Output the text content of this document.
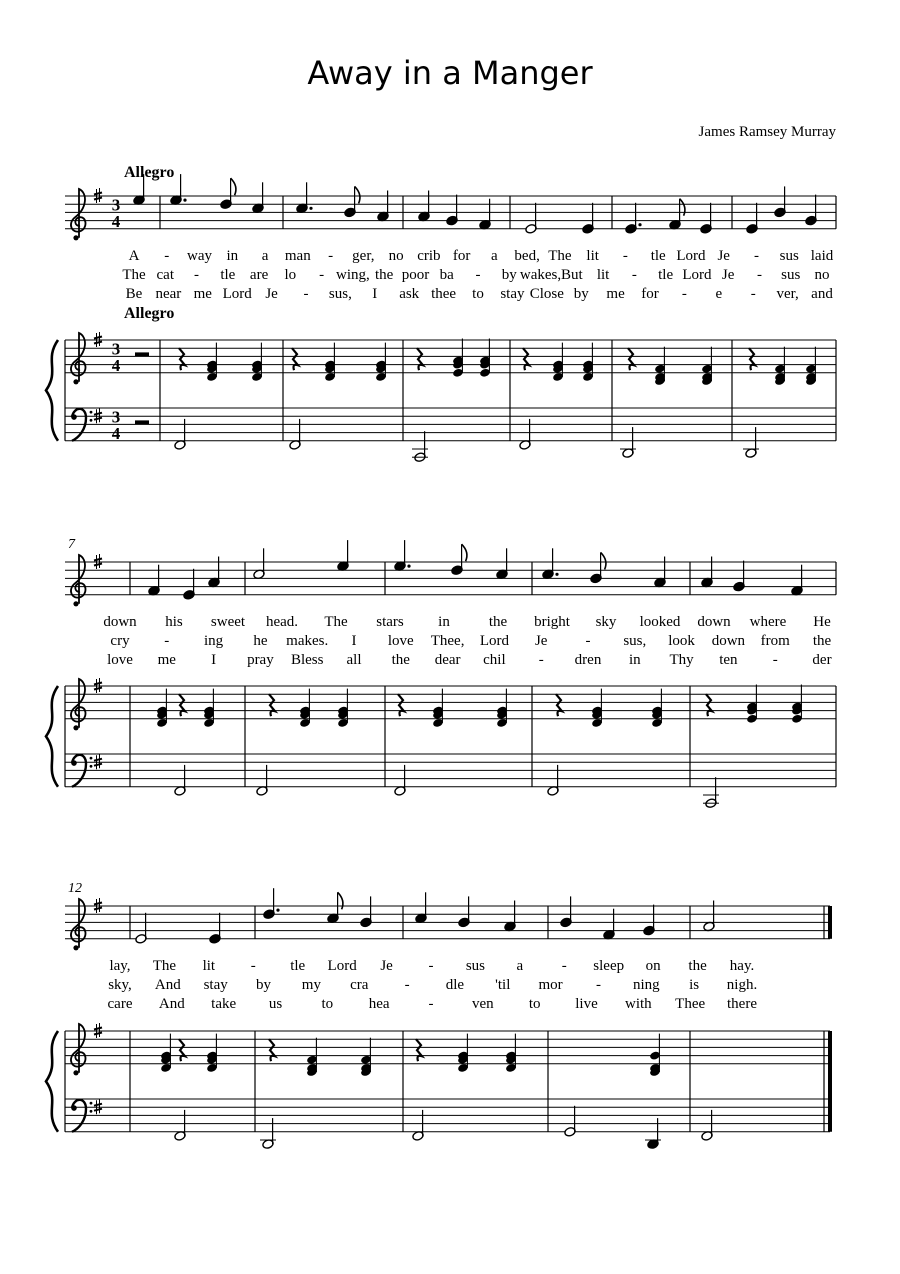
Away in a Manger
James Ramsey Murray
3
4
3
4
3
4
Allegro
Allegro
A - way in a man - ger, no crib for a bed, The lit - tle Lord Je - sus laid
The cat - tle are lo - wing, the poor ba - by wakes, But lit - tle Lord Je - sus no
Be near me Lord Je - sus, I ask thee to stay Close by me for - e - ver, and
7
down his sweet head. The stars in	the bright sky looked down where He
cry - ing he makes. I love Thee, Lord Je	- sus, look down from the
love me I pray Bless all the dear chil - dren in Thy ten - der
12
lay, The lit - tle Lord Je - sus a	- sleep on the hay.
sky, And stay by my cra - dle 'til mor - ning is nigh.
care And take us	to hea	-	ven to live with Thee there
